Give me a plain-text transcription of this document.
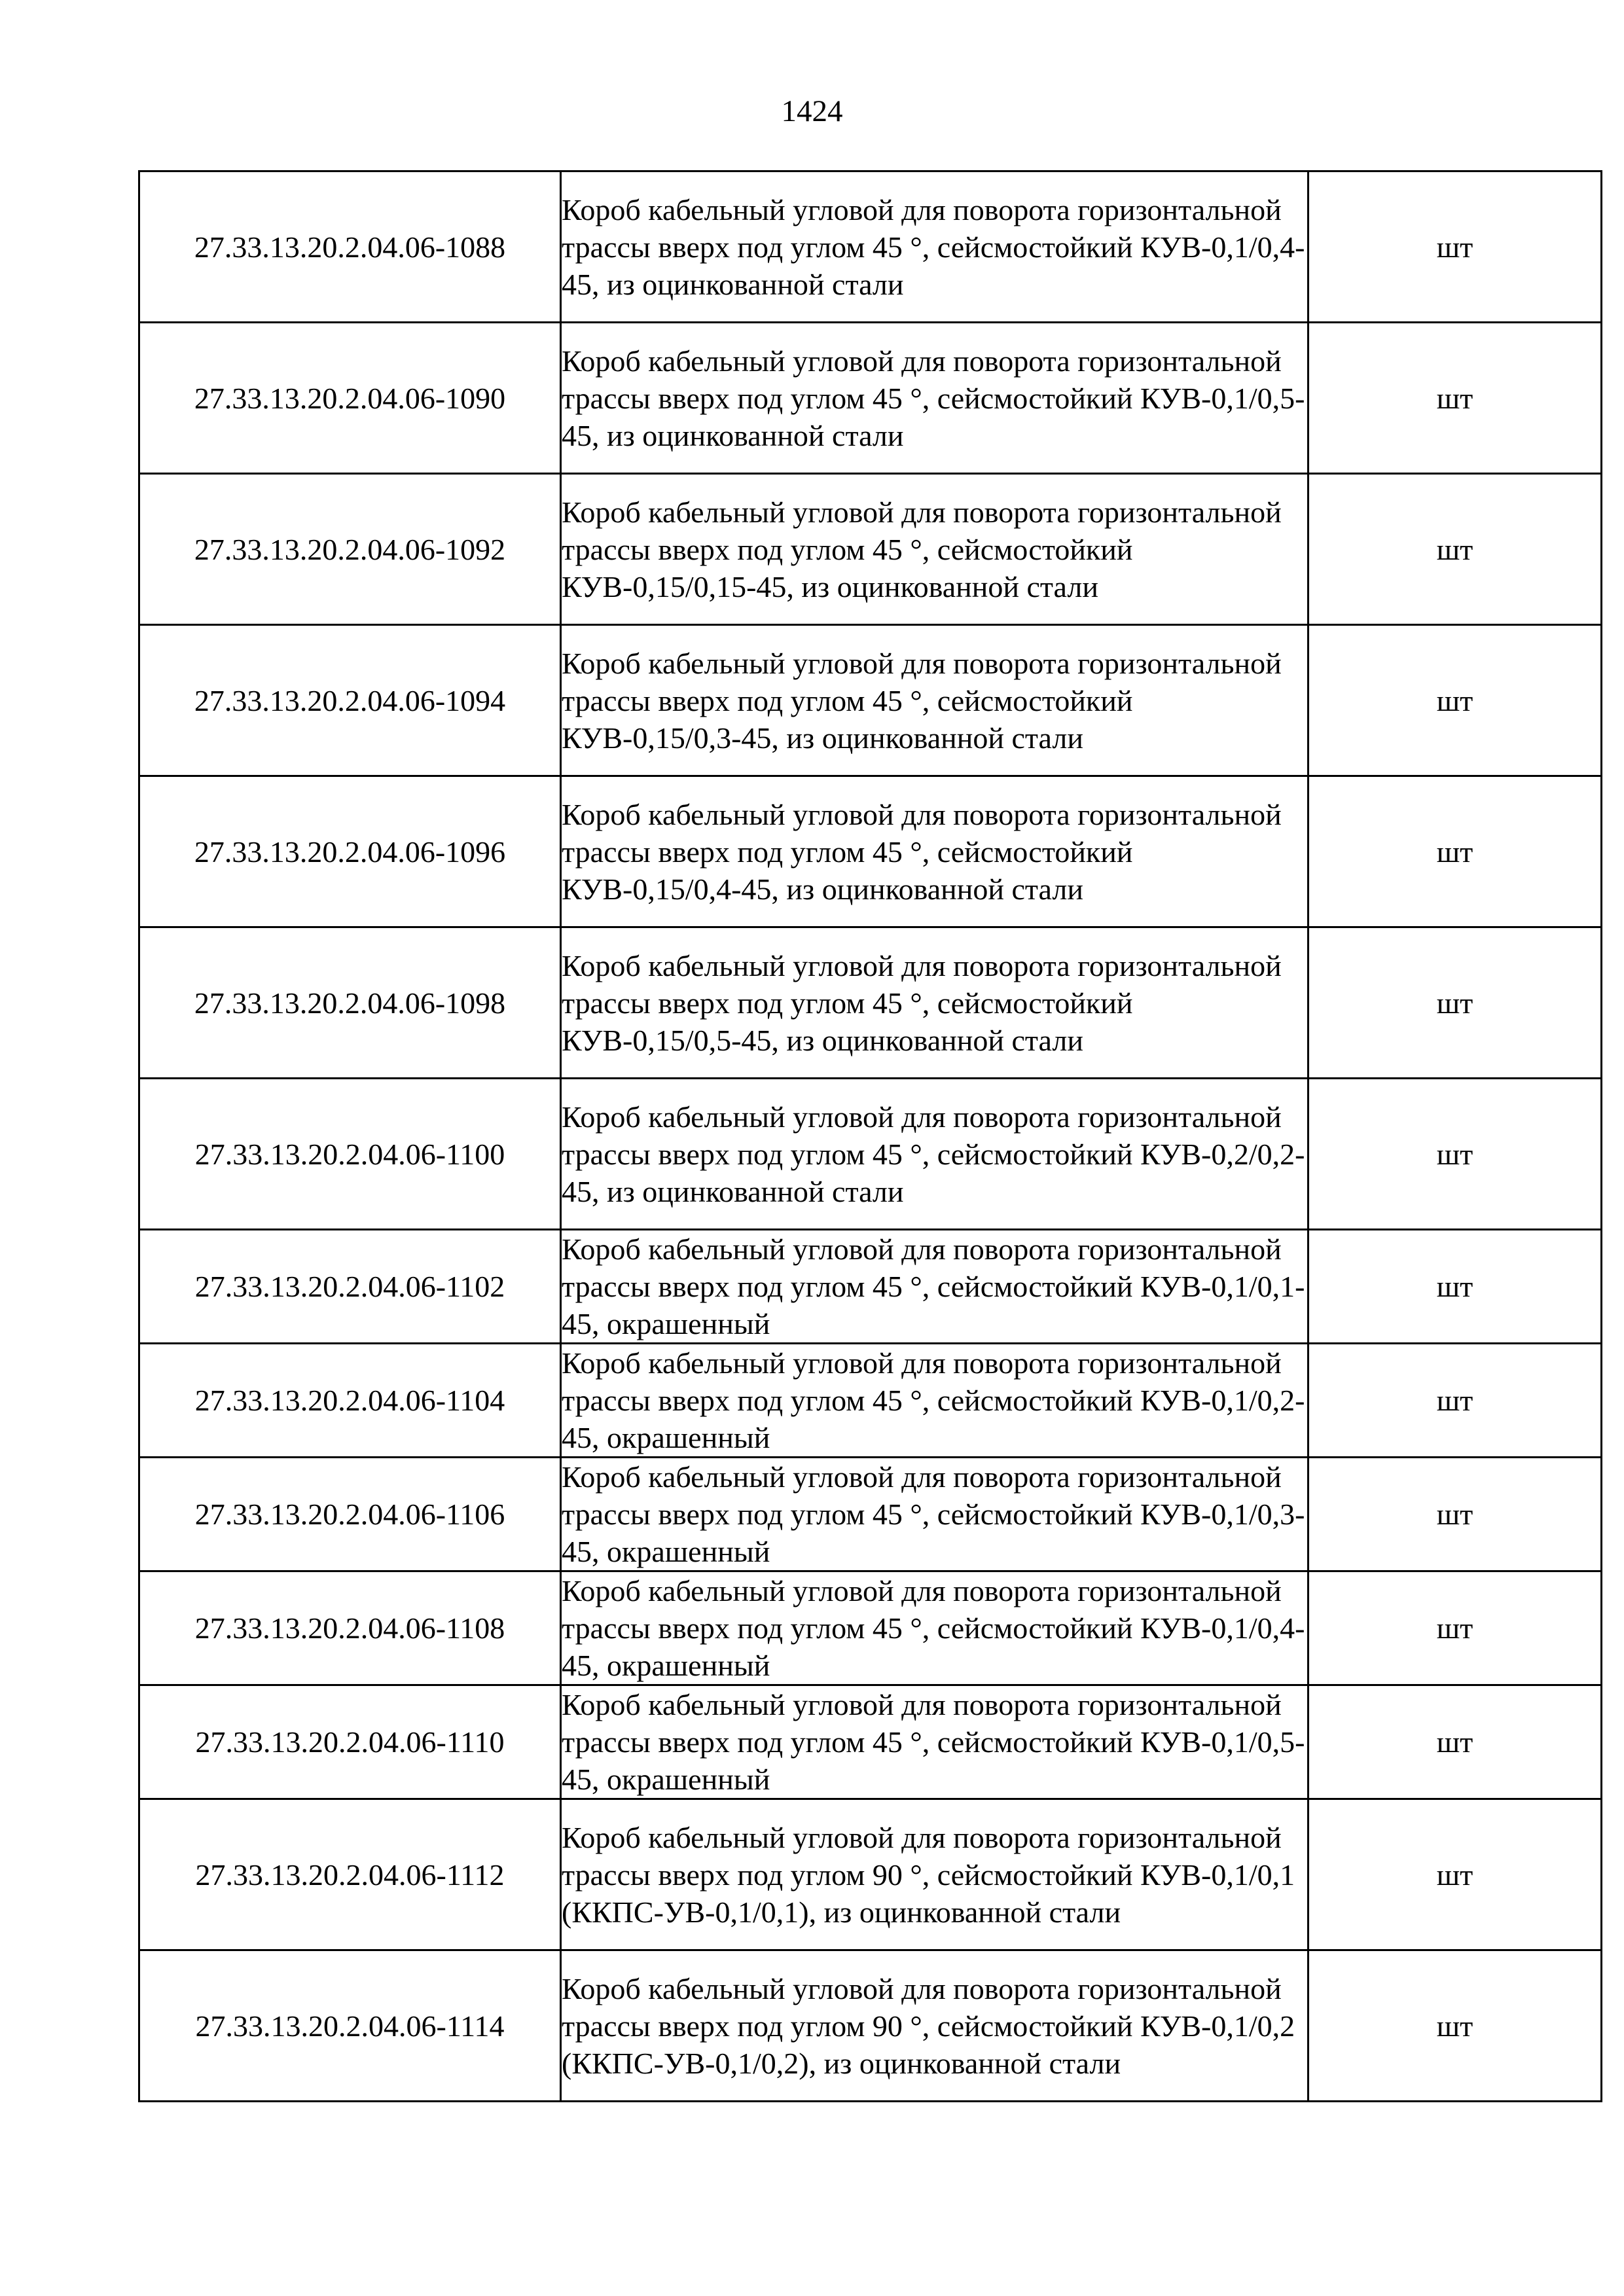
1424
27.33.13.20.2.04.06-1088	Короб кабельный угловой для поворота горизонтальной трассы вверх под углом 45 °, сейсмостойкий КУВ-0,1/0,4-45, из оцинкованной стали	шт
27.33.13.20.2.04.06-1090	Короб кабельный угловой для поворота горизонтальной трассы вверх под углом 45 °, сейсмостойкий КУВ-0,1/0,5-45, из оцинкованной стали	шт
27.33.13.20.2.04.06-1092	Короб кабельный угловой для поворота горизонтальной трассы вверх под углом 45 °, сейсмостойкий КУВ-0,15/0,15-45, из оцинкованной стали	шт
27.33.13.20.2.04.06-1094	Короб кабельный угловой для поворота горизонтальной трассы вверх под углом 45 °, сейсмостойкий КУВ-0,15/0,3-45, из оцинкованной стали	шт
27.33.13.20.2.04.06-1096	Короб кабельный угловой для поворота горизонтальной трассы вверх под углом 45 °, сейсмостойкий КУВ-0,15/0,4-45, из оцинкованной стали	шт
27.33.13.20.2.04.06-1098	Короб кабельный угловой для поворота горизонтальной трассы вверх под углом 45 °, сейсмостойкий КУВ-0,15/0,5-45, из оцинкованной стали	шт
27.33.13.20.2.04.06-1100	Короб кабельный угловой для поворота горизонтальной трассы вверх под углом 45 °, сейсмостойкий КУВ-0,2/0,2-45, из оцинкованной стали	шт
27.33.13.20.2.04.06-1102	Короб кабельный угловой для поворота горизонтальной трассы вверх под углом 45 °, сейсмостойкий КУВ-0,1/0,1-45, окрашенный	шт
27.33.13.20.2.04.06-1104	Короб кабельный угловой для поворота горизонтальной трассы вверх под углом 45 °, сейсмостойкий КУВ-0,1/0,2-45, окрашенный	шт
27.33.13.20.2.04.06-1106	Короб кабельный угловой для поворота горизонтальной трассы вверх под углом 45 °, сейсмостойкий КУВ-0,1/0,3-45, окрашенный	шт
27.33.13.20.2.04.06-1108	Короб кабельный угловой для поворота горизонтальной трассы вверх под углом 45 °, сейсмостойкий КУВ-0,1/0,4-45, окрашенный	шт
27.33.13.20.2.04.06-1110	Короб кабельный угловой для поворота горизонтальной трассы вверх под углом 45 °, сейсмостойкий КУВ-0,1/0,5-45, окрашенный	шт
27.33.13.20.2.04.06-1112	Короб кабельный угловой для поворота горизонтальной трассы вверх под углом 90 °, сейсмостойкий КУВ-0,1/0,1 (ККПС-УВ-0,1/0,1), из оцинкованной стали	шт
27.33.13.20.2.04.06-1114	Короб кабельный угловой для поворота горизонтальной трассы вверх под углом 90 °, сейсмостойкий КУВ-0,1/0,2 (ККПС-УВ-0,1/0,2), из оцинкованной стали	шт
